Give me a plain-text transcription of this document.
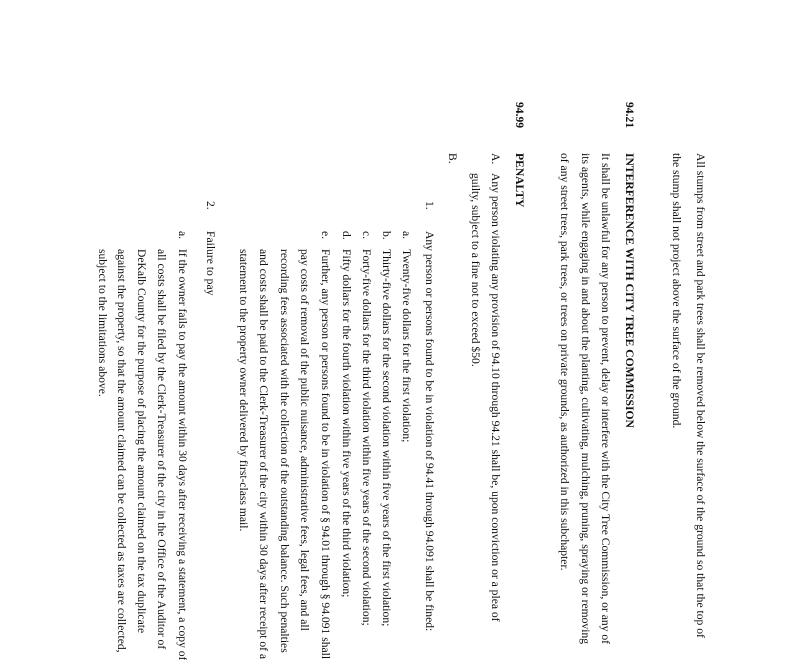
All stumps from street and park trees shall be removed below the surface of the ground so that the top of
the stump shall not project above the surface of the ground.
94.21
INTERFERENCE WITH CITY TREE COMMISSION
It shall be unlawful for any person to prevent, delay or interfere with the City Tree Commission, or any of
its agents, while engaging in and about the planting, cultivating, mulching, pruning, spraying or removing
of any street trees, park trees, or trees on private grounds, as authorized in this subchapter.
94.99
PENALTY
A.
Any person violating any provision of 94.10 through 94.21 shall be, upon conviction or a plea of
guilty, subject to a fine not to exceed $50.
B.
1.
Any person or persons found to be in violation of 94.41 through 94.091 shall be fined:
a.
Twenty-five dollars for the first violation;
b.
Thirty-five dollars for the second violation within five years of the first violation;
c.
Forty-five dollars for the third violation within five years of the second violation;
d.
Fifty dollars for the fourth violation within five years of the third violation;
e.
Further, any person or persons found to be in violation of § 94.01 through § 94.091 shall
pay costs of removal of the public nuisance, administrative fees, legal fees, and all
recording fees associated with the collection of the outstanding balance. Such penalties
and costs shall be paid to the Clerk-Treasurer of the city within 30 days after receipt of a
statement to the property owner delivered by first-class mail.
2.
Failure to pay
a.
If the owner fails to pay the amount within 30 days after receiving a statement, a copy of
all costs shall be filed by the Clerk-Treasurer of the city in the Office of the Auditor of
DeKalb County for the purpose of placing the amount claimed on the tax duplicate
against the property, so that the amount claimed can be collected as taxes are collected,
subject to the limitations above.
